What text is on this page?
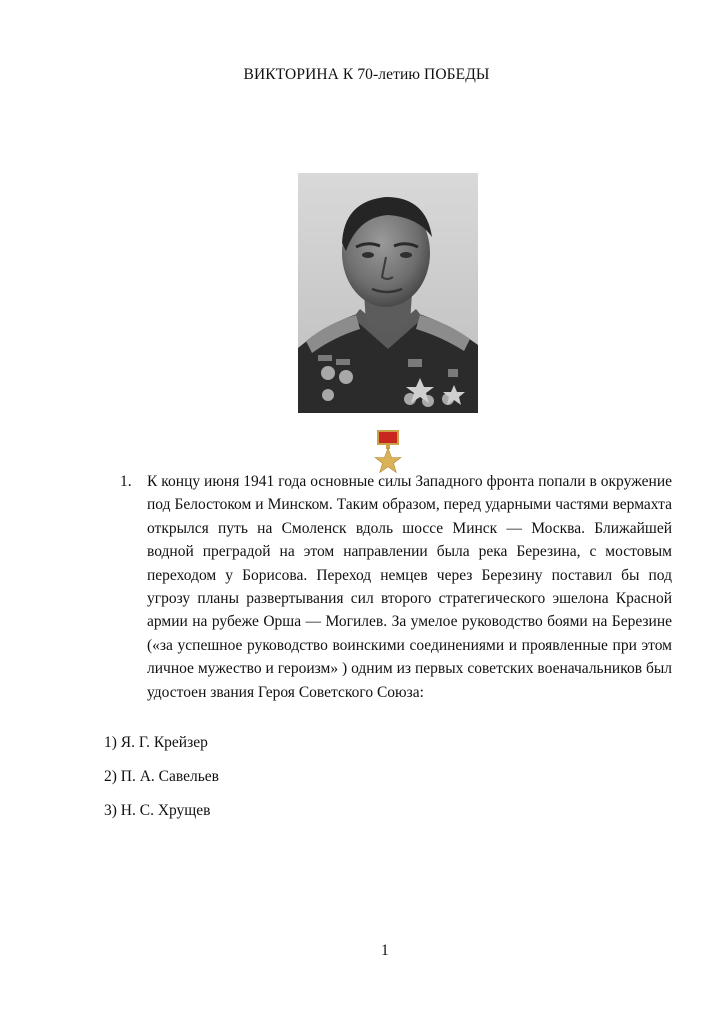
ВИКТОРИНА К 70-летию ПОБЕДЫ
1. К концу июня 1941 года основные силы Западного фронта попали в окружение под Белостоком и Минском. Таким образом, перед ударными частями вермахта открылся путь на Смоленск вдоль шоссе Минск — Москва. Ближайшей водной преградой на этом направлении была река Березина, с мостовым переходом у Борисова. Переход немцев через Березину поставил бы под угрозу планы развертывания сил второго стратегического эшелона Красной армии на рубеже Орша — Могилев. За умелое руководство боями на Березине («за успешное руководство воинскими соединениями и проявленные при этом личное мужество и героизм» ) одним из первых советских военачальников был удостоен звания Героя Советского Союза:
1) Я. Г. Крейзер
2) П. А. Савельев
3) Н. С. Хрущев
1
